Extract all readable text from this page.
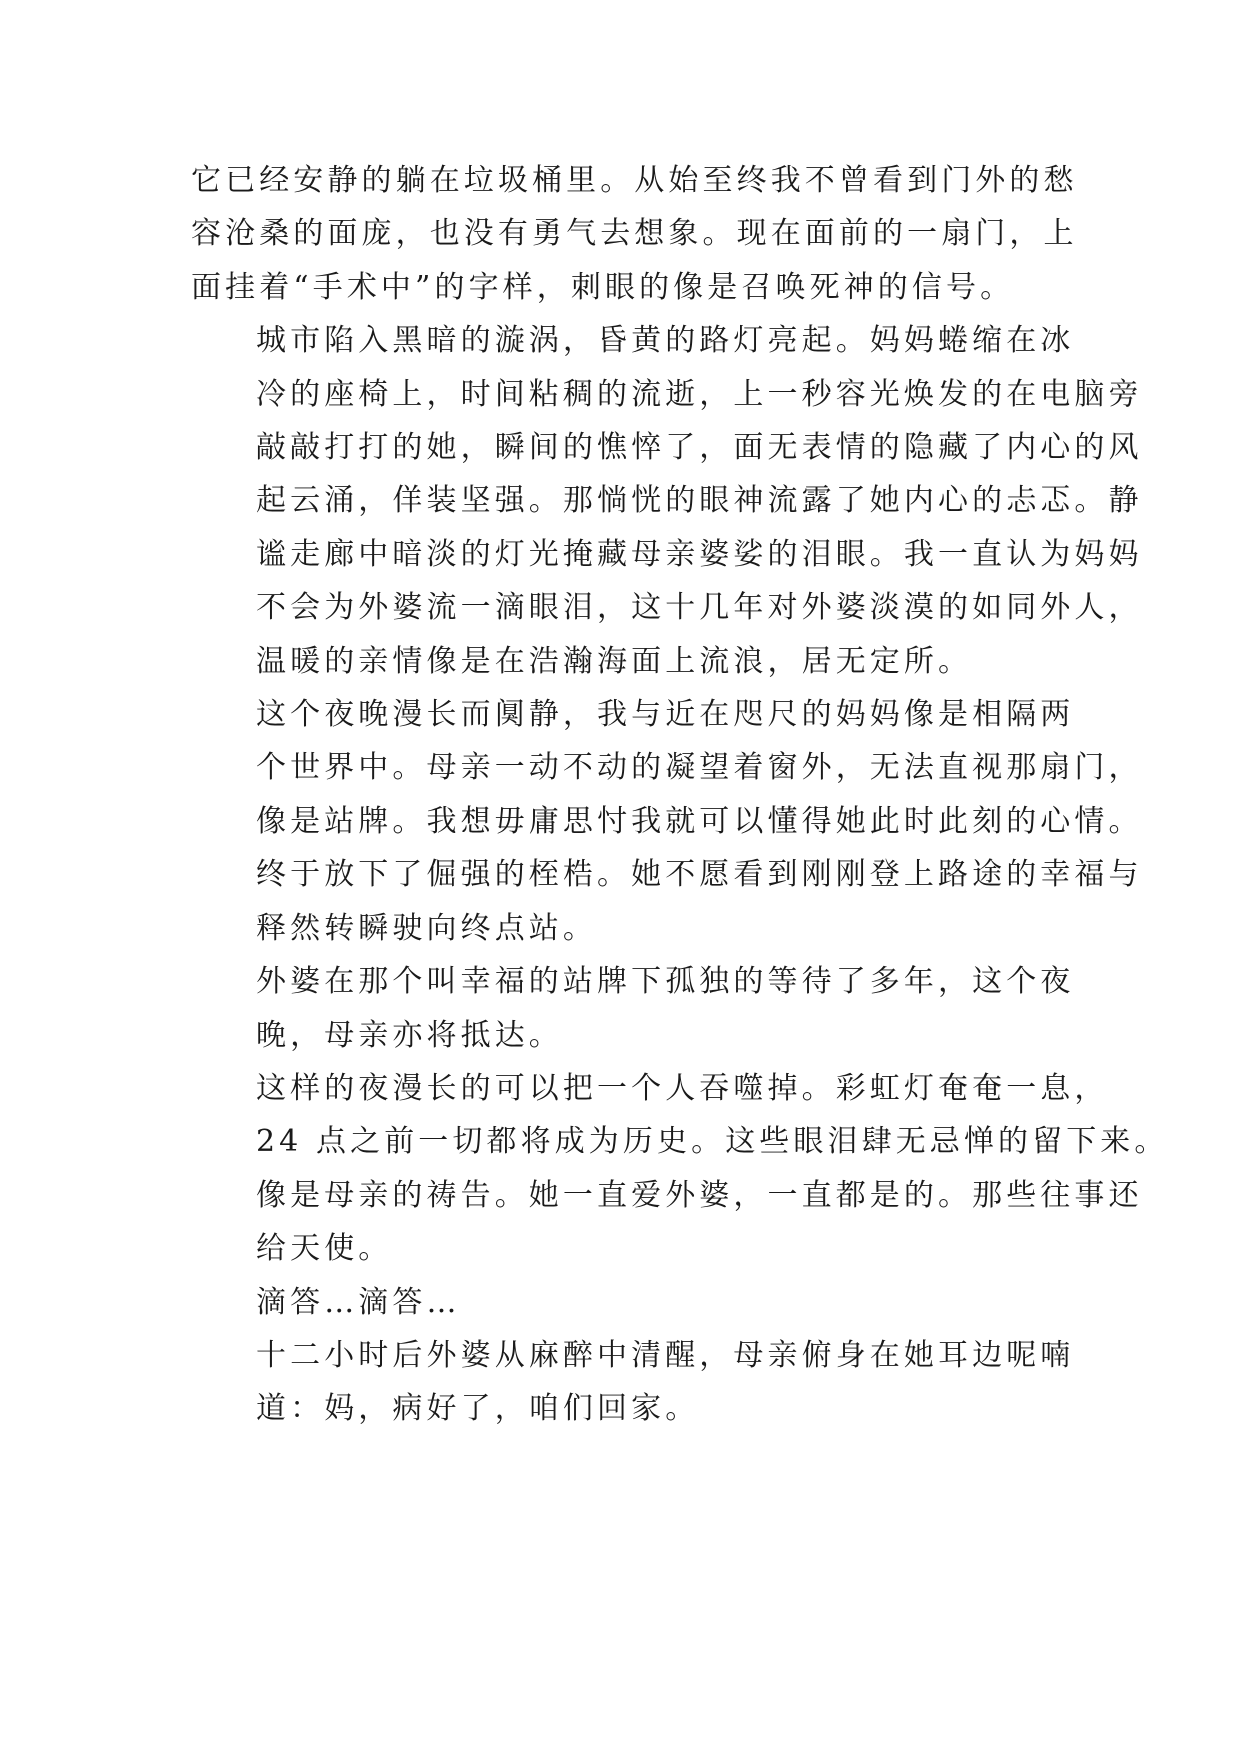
它已经安静的躺在垃圾桶里。从始至终我不曾看到门外的愁
容沧桑的面庞，也没有勇气去想象。现在面前的一扇门，上
面挂着“手术中”的字样，刺眼的像是召唤死神的信号。

城市陷入黑暗的漩涡，昏黄的路灯亮起。妈妈蜷缩在冰
冷的座椅上，时间粘稠的流逝，上一秒容光焕发的在电脑旁
敲敲打打的她，瞬间的憔悴了，面无表情的隐藏了内心的风
起云涌，佯装坚强。那惝恍的眼神流露了她内心的忐忑。静
谧走廊中暗淡的灯光掩藏母亲婆娑的泪眼。我一直认为妈妈
不会为外婆流一滴眼泪，这十几年对外婆淡漠的如同外人，
温暖的亲情像是在浩瀚海面上流浪，居无定所。

这个夜晚漫长而阒静，我与近在咫尺的妈妈像是相隔两
个世界中。母亲一动不动的凝望着窗外，无法直视那扇门，
像是站牌。我想毋庸思忖我就可以懂得她此时此刻的心情。
终于放下了倔强的桎梏。她不愿看到刚刚登上路途的幸福与
释然转瞬驶向终点站。

外婆在那个叫幸福的站牌下孤独的等待了多年，这个夜
晚，母亲亦将抵达。

这样的夜漫长的可以把一个人吞噬掉。彩虹灯奄奄一息，
24 点之前一切都将成为历史。这些眼泪肆无忌惮的留下来。
像是母亲的祷告。她一直爱外婆，一直都是的。那些往事还
给天使。

滴答…滴答…

十二小时后外婆从麻醉中清醒，母亲俯身在她耳边呢喃
道：妈，病好了，咱们回家。
